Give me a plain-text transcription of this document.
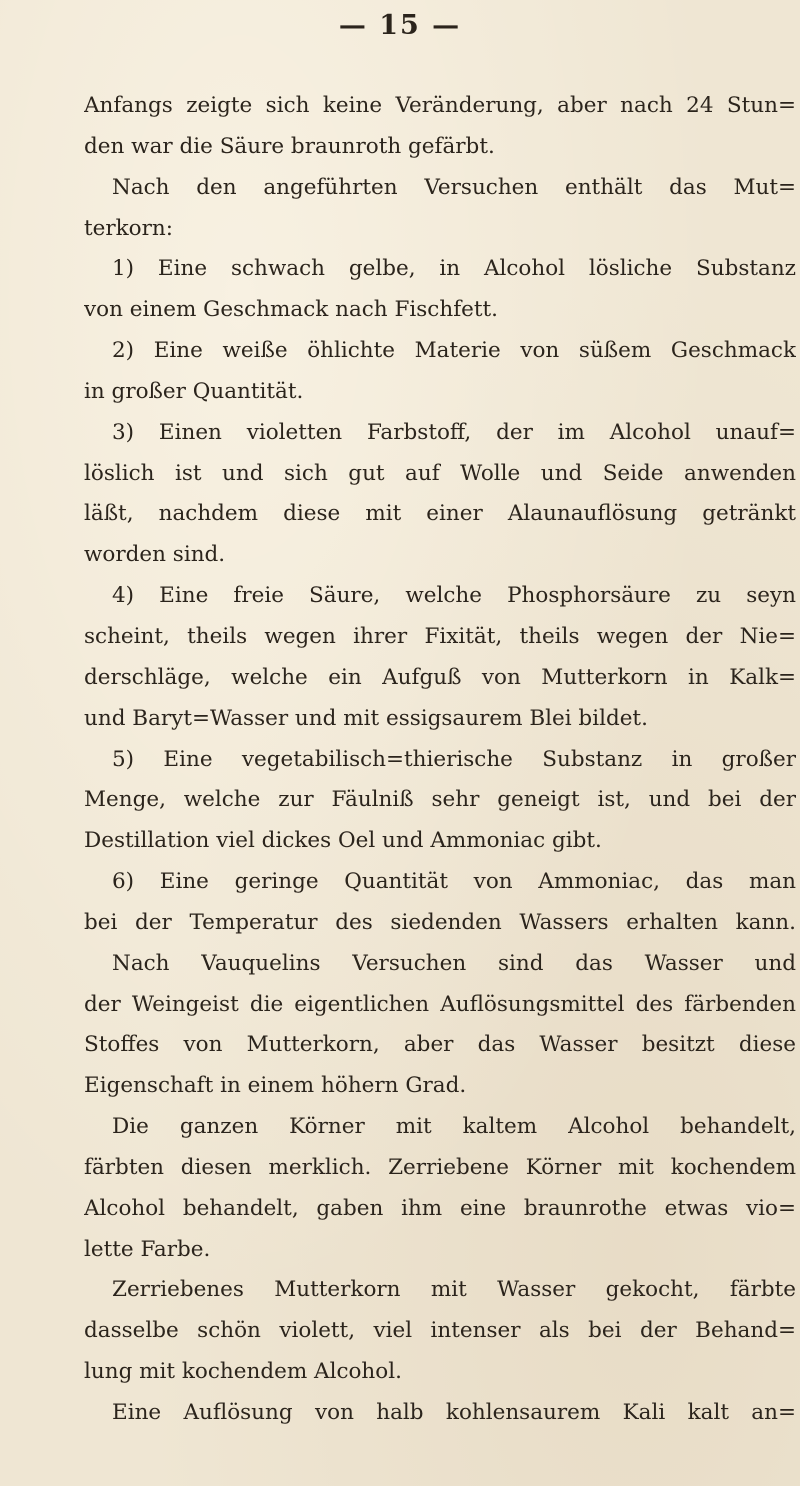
— 15 —
Anfangs zeigte sich keine Veränderung, aber nach 24 Stun=
den war die Säure braunroth gefärbt.
Nach den angeführten Versuchen enthält das Mut=
terkorn:
1) Eine schwach gelbe, in Alcohol lösliche Substanz
von einem Geschmack nach Fischfett.
2) Eine weiße öhlichte Materie von süßem Geschmack
in großer Quantität.
3) Einen violetten Farbstoff, der im Alcohol unauf=
löslich ist und sich gut auf Wolle und Seide anwenden
läßt, nachdem diese mit einer Alaunauflösung getränkt
worden sind.
4) Eine freie Säure, welche Phosphorsäure zu seyn
scheint, theils wegen ihrer Fixität, theils wegen der Nie=
derschläge, welche ein Aufguß von Mutterkorn in Kalk=
und Baryt=Wasser und mit essigsaurem Blei bildet.
5) Eine vegetabilisch=thierische Substanz in großer
Menge, welche zur Fäulniß sehr geneigt ist, und bei der
Destillation viel dickes Oel und Ammoniac gibt.
6) Eine geringe Quantität von Ammoniac, das man
bei der Temperatur des siedenden Wassers erhalten kann.
Nach Vauquelins Versuchen sind das Wasser und
der Weingeist die eigentlichen Auflösungsmittel des färbenden
Stoffes von Mutterkorn, aber das Wasser besitzt diese
Eigenschaft in einem höhern Grad.
Die ganzen Körner mit kaltem Alcohol behandelt,
färbten diesen merklich. Zerriebene Körner mit kochendem
Alcohol behandelt, gaben ihm eine braunrothe etwas vio=
lette Farbe.
Zerriebenes Mutterkorn mit Wasser gekocht, färbte
dasselbe schön violett, viel intenser als bei der Behand=
lung mit kochendem Alcohol.
Eine Auflösung von halb kohlensaurem Kali kalt an=
